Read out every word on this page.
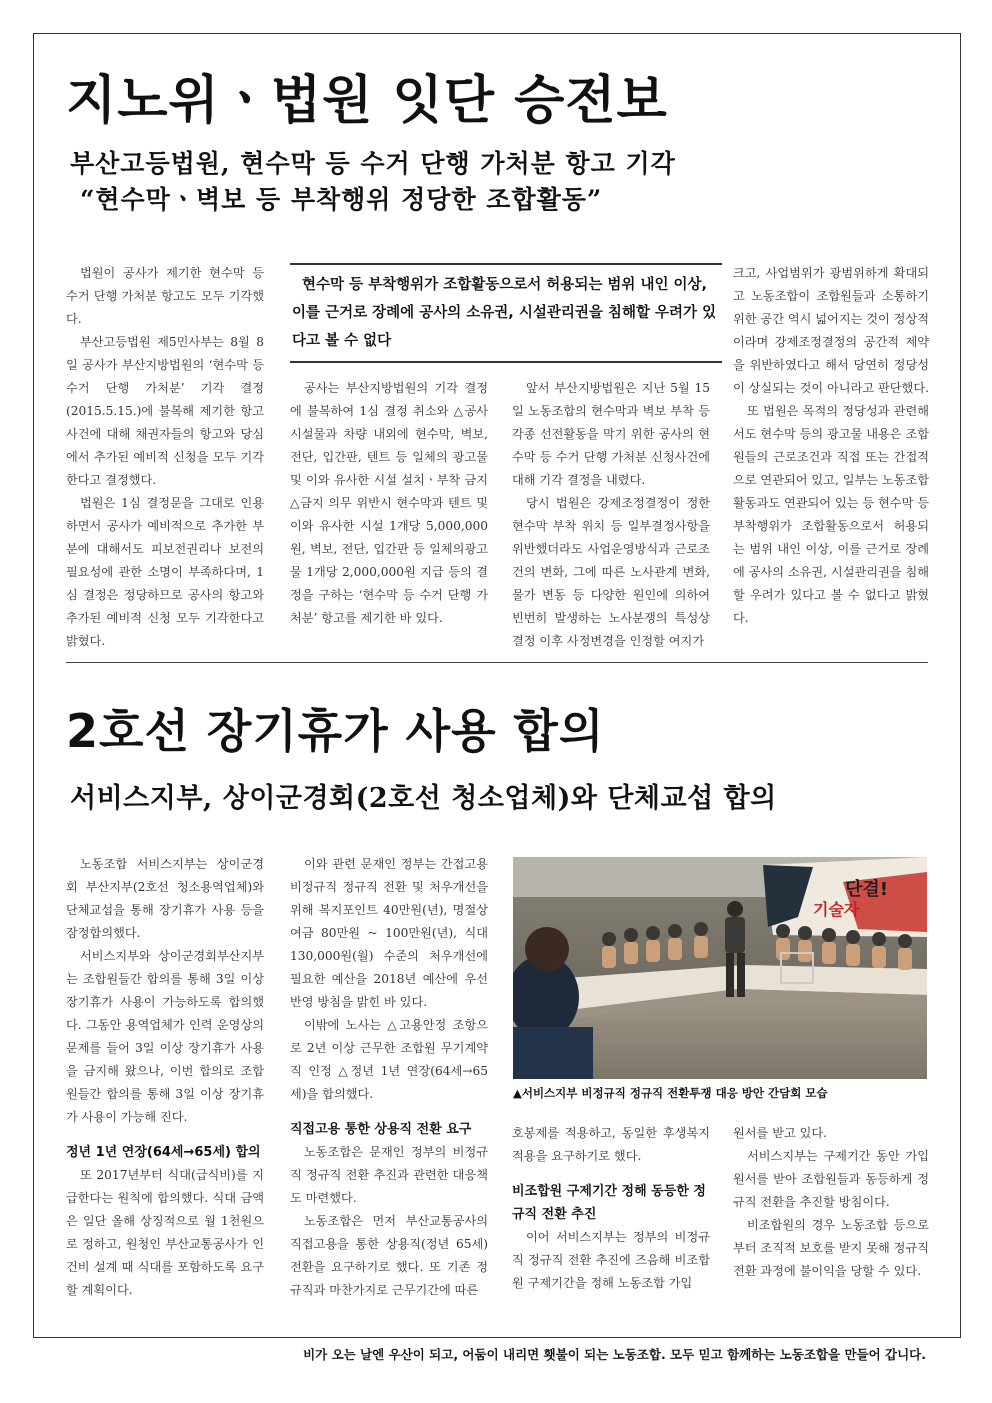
지노위ㆍ법원 잇단 승전보
부산고등법원, 현수막 등 수거 단행 가처분 항고 기각
“현수막ㆍ벽보 등 부착행위 정당한 조합활동”

법원이 공사가 제기한 현수막 등 수거 단행 가처분 항고도 모두 기각했다.

부산고등법원 제5민사부는 8월 8일 공사가 부산지방법원의 ‘현수막 등 수거 단행 가처분’ 기각 결정(2015.5.15.)에 불복해 제기한 항고사건에 대해 채권자들의 항고와 당심에서 추가된 예비적 신청을 모두 기각한다고 결정했다.

법원은 1심 결정문을 그대로 인용하면서 공사가 예비적으로 추가한 부분에 대해서도 피보전권리나 보전의 필요성에 관한 소명이 부족하다며, 1심 결정은 정당하므로 공사의 항고와 추가된 예비적 신청 모두 기각한다고 밝혔다.

현수막 등 부착행위가 조합활동으로서 허용되는 범위 내인 이상, 이를 근거로 장례에 공사의 소유권, 시설관리권을 침해할 우려가 있다고 볼 수 없다

공사는 부산지방법원의 기각 결정에 불복하여 1심 결정 취소와 △공사 시설물과 차량 내외에 현수막, 벽보, 전단, 입간판, 텐트 등 일체의 광고물 및 이와 유사한 시설 설치ㆍ부착 금지 △금지 의무 위반시 현수막과 텐트 및 이와 유사한 시설 1개당 5,000,000원, 벽보, 전단, 입간판 등 일체의광고물 1개당 2,000,000원 지급 등의 결정을 구하는 ‘현수막 등 수거 단행 가처분’ 항고를 제기한 바 있다.

앞서 부산지방법원은 지난 5월 15일 노동조합의 현수막과 벽보 부착 등 각종 선전활동을 막기 위한 공사의 현수막 등 수거 단행 가처분 신청사건에 대해 기각 결정을 내렸다.

당시 법원은 강제조정결정이 정한 현수막 부착 위치 등 일부결정사항을 위반했더라도 사업운영방식과 근로조건의 변화, 그에 따른 노사관계 변화, 물가 변동 등 다양한 원인에 의하여 빈번히 발생하는 노사분쟁의 특성상 결정 이후 사정변경을 인정할 여지가

크고, 사업범위가 광범위하게 확대되고 노동조합이 조합원들과 소통하기 위한 공간 역시 넓어지는 것이 정상적이라며 강제조정결정의 공간적 제약을 위반하였다고 해서 당연히 정당성이 상실되는 것이 아니라고 판단했다.

또 법원은 목적의 정당성과 관련해서도 현수막 등의 광고물 내용은 조합원들의 근로조건과 직접 또는 간접적으로 연관되어 있고, 일부는 노동조합 활동과도 연관되어 있는 등 현수막 등 부착행위가 조합활동으로서 허용되는 범위 내인 이상, 이를 근거로 장례에 공사의 소유권, 시설관리권을 침해할 우려가 있다고 볼 수 없다고 밝혔다.

2호선 장기휴가 사용 합의
서비스지부, 상이군경회(2호선 청소업체)와 단체교섭 합의

노동조합 서비스지부는 상이군경회 부산지부(2호선 청소용역업체)와 단체교섭을 통해 장기휴가 사용 등을 잠정합의했다.

서비스지부와 상이군경회부산지부는 조합원들간 합의를 통해 3일 이상 장기휴가 사용이 가능하도록 합의했다. 그동안 용역업체가 인력 운영상의 문제를 들어 3일 이상 장기휴가 사용을 금지해 왔으나, 이번 합의로 조합원들간 합의를 통해 3일 이상 장기휴가 사용이 가능해 진다.

정년 1년 연장(64세→65세) 합의

또 2017년부터 식대(급식비)를 지급한다는 원칙에 합의했다. 식대 금액은 일단 올해 상징적으로 월 1천원으로 정하고, 원청인 부산교통공사가 인건비 설계 때 식대를 포함하도록 요구할 계획이다.

이와 관련 문재인 정부는 간접고용 비정규직 정규직 전환 및 처우개선을 위해 복지포인트 40만원(년), 명절상여금 80만원 ~ 100만원(년), 식대 130,000원(월) 수준의 처우개선에 필요한 예산을 2018년 예산에 우선 반영 방침을 밝힌 바 있다.

이밖에 노사는 △고용안정 조항으로 2년 이상 근무한 조합원 무기계약직 인정 △정년 1년 연장(64세→65세)을 합의했다.

직접고용 통한 상용직 전환 요구

노동조합은 문재인 정부의 비정규직 정규직 전환 추진과 관련한 대응책도 마련했다.

노동조합은 먼저 부산교통공사의 직접고용을 통한 상용직(정년 65세) 전환을 요구하기로 했다. 또 기존 정규직과 마찬가지로 근무기간에 따른

단결!
기술자
▲서비스지부 비정규직 정규직 전환투쟁 대응 방안 간담회 모습

호봉제를 적용하고, 동일한 후생복지 적용을 요구하기로 했다.

비조합원 구제기간 정해 동등한 정규직 전환 추진

이어 서비스지부는 정부의 비정규직 정규직 전환 추진에 즈음해 비조합원 구제기간을 정해 노동조합 가입

원서를 받고 있다.

서비스지부는 구제기간 동안 가입원서를 받아 조합원들과 동등하게 정규직 전환을 추진할 방침이다.

비조합원의 경우 노동조합 등으로부터 조직적 보호를 받지 못해 정규직 전환 과정에 불이익을 당할 수 있다.

비가 오는 날엔 우산이 되고, 어둠이 내리면 횃불이 되는 노동조합. 모두 믿고 함께하는 노동조합을 만들어 갑니다.
